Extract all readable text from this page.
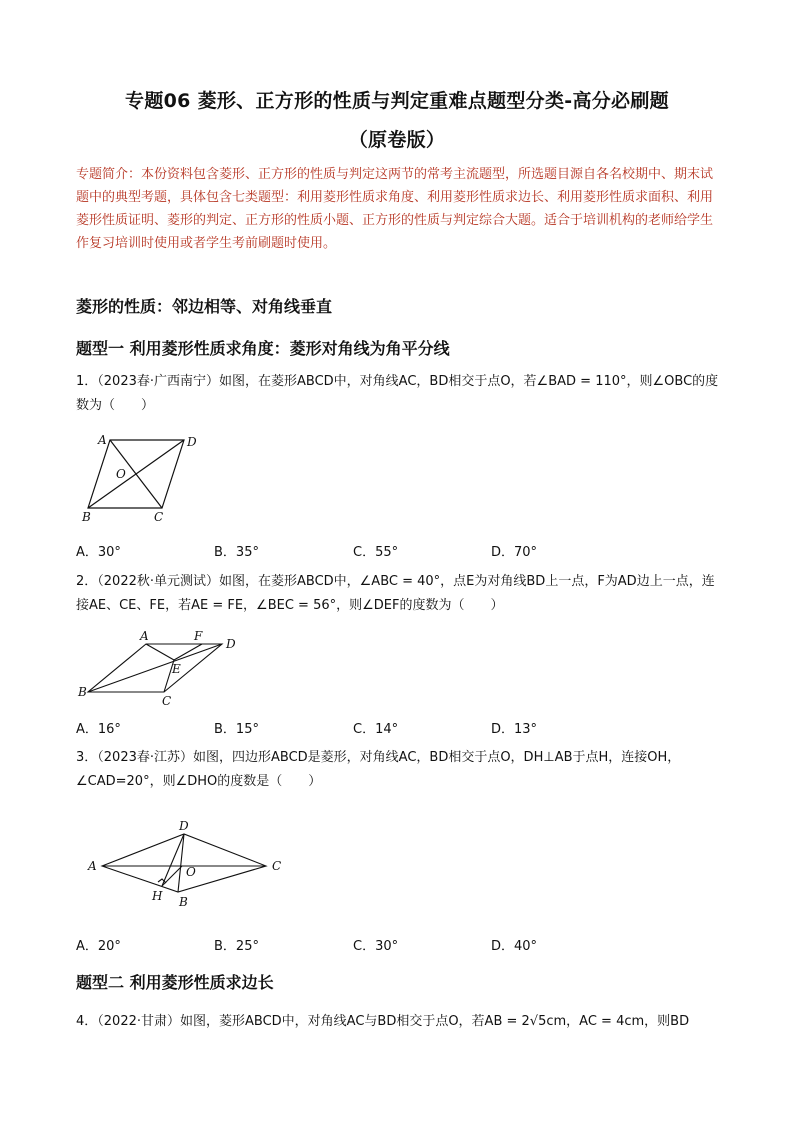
专题06 菱形、正方形的性质与判定重难点题型分类-高分必刷题
（原卷版）
专题简介：本份资料包含菱形、正方形的性质与判定这两节的常考主流题型，所选题目源自各名校期中、期末试题中的典型考题，具体包含七类题型：利用菱形性质求角度、利用菱形性质求边长、利用菱形性质求面积、利用菱形性质证明、菱形的判定、正方形的性质小题、正方形的性质与判定综合大题。适合于培训机构的老师给学生作复习培训时使用或者学生考前刷题时使用。
菱形的性质：邻边相等、对角线垂直
题型一 利用菱形性质求角度：菱形对角线为角平分线
1．（2023春·广西南宁）如图，在菱形ABCD中，对角线AC，BD相交于点O，若∠BAD = 110°，则∠OBC的度数为（　　）
A	D
O
B	C
A．30°	B．35°	C．55°	D．70°
2．（2022秋·单元测试）如图，在菱形ABCD中，∠ABC = 40°，点E为对角线BD上一点，F为AD边上一点，连接AE、CE、FE，若AE = FE，∠BEC = 56°，则∠DEF的度数为（　　）
A	F
D
E
B
C
A．16°	B．15°	C．14°	D．13°
3．（2023春·江苏）如图，四边形ABCD是菱形，对角线AC，BD相交于点O，DH⊥AB于点H，连接OH，∠CAD=20°，则∠DHO的度数是（　　）
D
A	O	C
H B
A．20°	B．25°	C．30°	D．40°
题型二 利用菱形性质求边长
4．（2022·甘肃）如图，菱形ABCD中，对角线AC与BD相交于点O，若AB = 2√5cm，AC = 4cm，则BD
